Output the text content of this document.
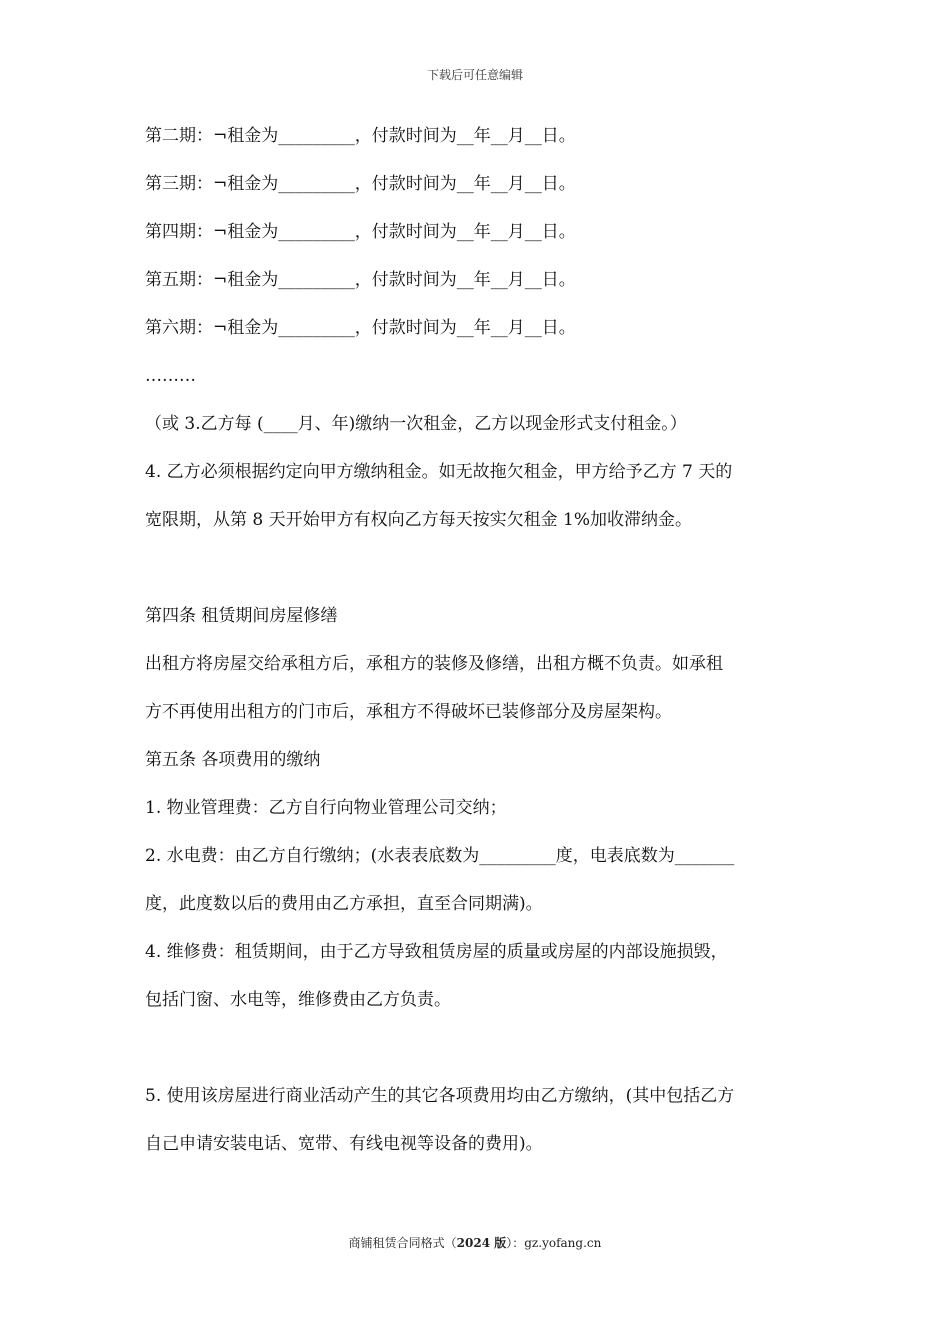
下载后可任意编辑
第二期：¬租金为_________，付款时间为__年__月__日。
第三期：¬租金为_________，付款时间为__年__月__日。
第四期：¬租金为_________，付款时间为__年__月__日。
第五期：¬租金为_________，付款时间为__年__月__日。
第六期：¬租金为_________，付款时间为__年__月__日。
………
（或 3.乙方每 (____月、年)缴纳一次租金，乙方以现金形式支付租金。）
4. 乙方必须根据约定向甲方缴纳租金。如无故拖欠租金，甲方给予乙方 7 天的
宽限期，从第 8 天开始甲方有权向乙方每天按实欠租金 1%加收滞纳金。
第四条 租赁期间房屋修缮
出租方将房屋交给承租方后，承租方的装修及修缮，出租方概不负责。如承租
方不再使用出租方的门市后，承租方不得破坏已装修部分及房屋架构。
第五条 各项费用的缴纳
1. 物业管理费：乙方自行向物业管理公司交纳；
2. 水电费：由乙方自行缴纳；(水表表底数为_________度，电表底数为_______
度，此度数以后的费用由乙方承担，直至合同期满)。
4. 维修费：租赁期间，由于乙方导致租赁房屋的质量或房屋的内部设施损毁，
包括门窗、水电等，维修费由乙方负责。
5. 使用该房屋进行商业活动产生的其它各项费用均由乙方缴纳，(其中包括乙方
自己申请安装电话、宽带、有线电视等设备的费用)。
商铺租赁合同格式（2024 版）：gz.yofang.cn
